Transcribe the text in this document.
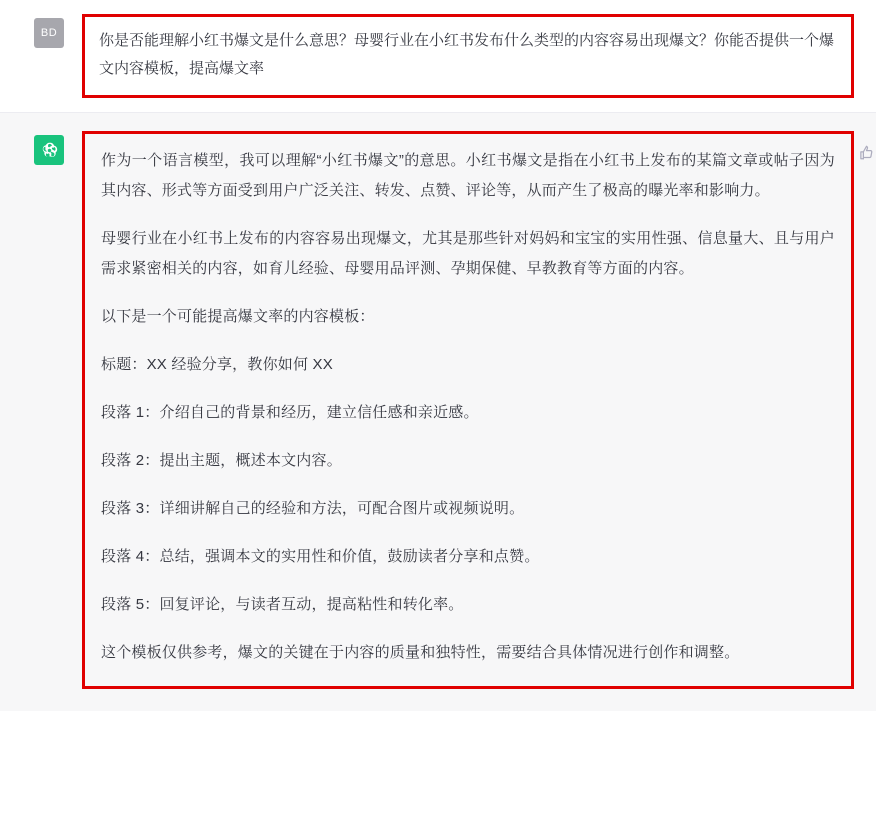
BD	你是否能理解小红书爆文是什么意思？母婴行业在小红书发布什么类型的内容容易出现爆文？你能否提供一个爆文内容模板，提高爆文率

作为一个语言模型，我可以理解“小红书爆文”的意思。小红书爆文是指在小红书上发布的某篇文章或帖子因为其内容、形式等方面受到用户广泛关注、转发、点赞、评论等，从而产生了极高的曝光率和影响力。

母婴行业在小红书上发布的内容容易出现爆文，尤其是那些针对妈妈和宝宝的实用性强、信息量大、且与用户需求紧密相关的内容，如育儿经验、母婴用品评测、孕期保健、早教教育等方面的内容。

以下是一个可能提高爆文率的内容模板：

标题：XX 经验分享，教你如何 XX

段落 1：介绍自己的背景和经历，建立信任感和亲近感。

段落 2：提出主题，概述本文内容。

段落 3：详细讲解自己的经验和方法，可配合图片或视频说明。

段落 4：总结，强调本文的实用性和价值，鼓励读者分享和点赞。

段落 5：回复评论，与读者互动，提高粘性和转化率。

这个模板仅供参考，爆文的关键在于内容的质量和独特性，需要结合具体情况进行创作和调整。
